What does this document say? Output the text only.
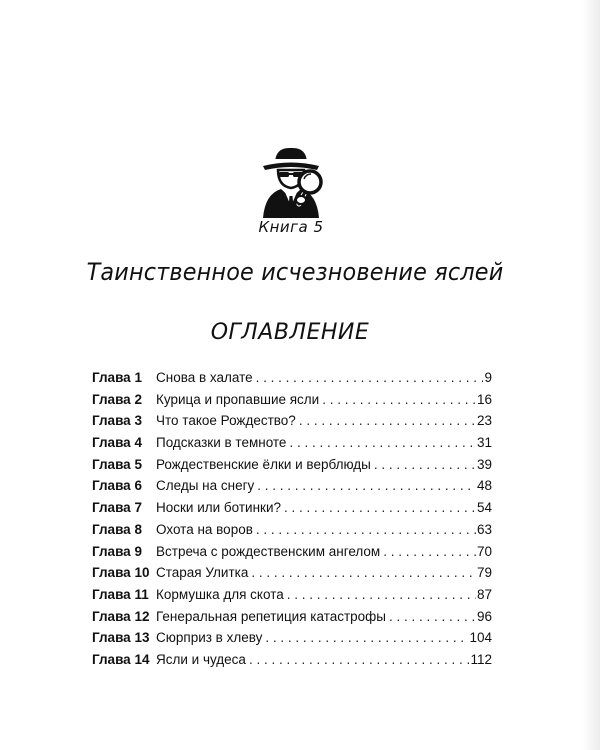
Книга 5
Таинственное исчезновение яслей
ОГЛАВЛЕНИЕ
Глава 1	Снова в халате . . .	9
Глава 2	Курица и пропавшие ясли . . .	16
Глава 3	Что такое Рождество? . . .	23
Глава 4	Подсказки в темноте . . .	31
Глава 5	Рождественские ёлки и верблюды . . .	39
Глава 6	Следы на снегу . . .	48
Глава 7	Носки или ботинки? . . .	54
Глава 8	Охота на воров . . .	63
Глава 9	Встреча с рождественским ангелом . . .	70
Глава 10 Старая Улитка . . .	79
Глава 11 Кормушка для скота . . .	87
Глава 12 Генеральная репетиция катастрофы . . .	96
Глава 13 Сюрприз в хлеву . . .	104
Глава 14 Ясли и чудеса . . .	112
